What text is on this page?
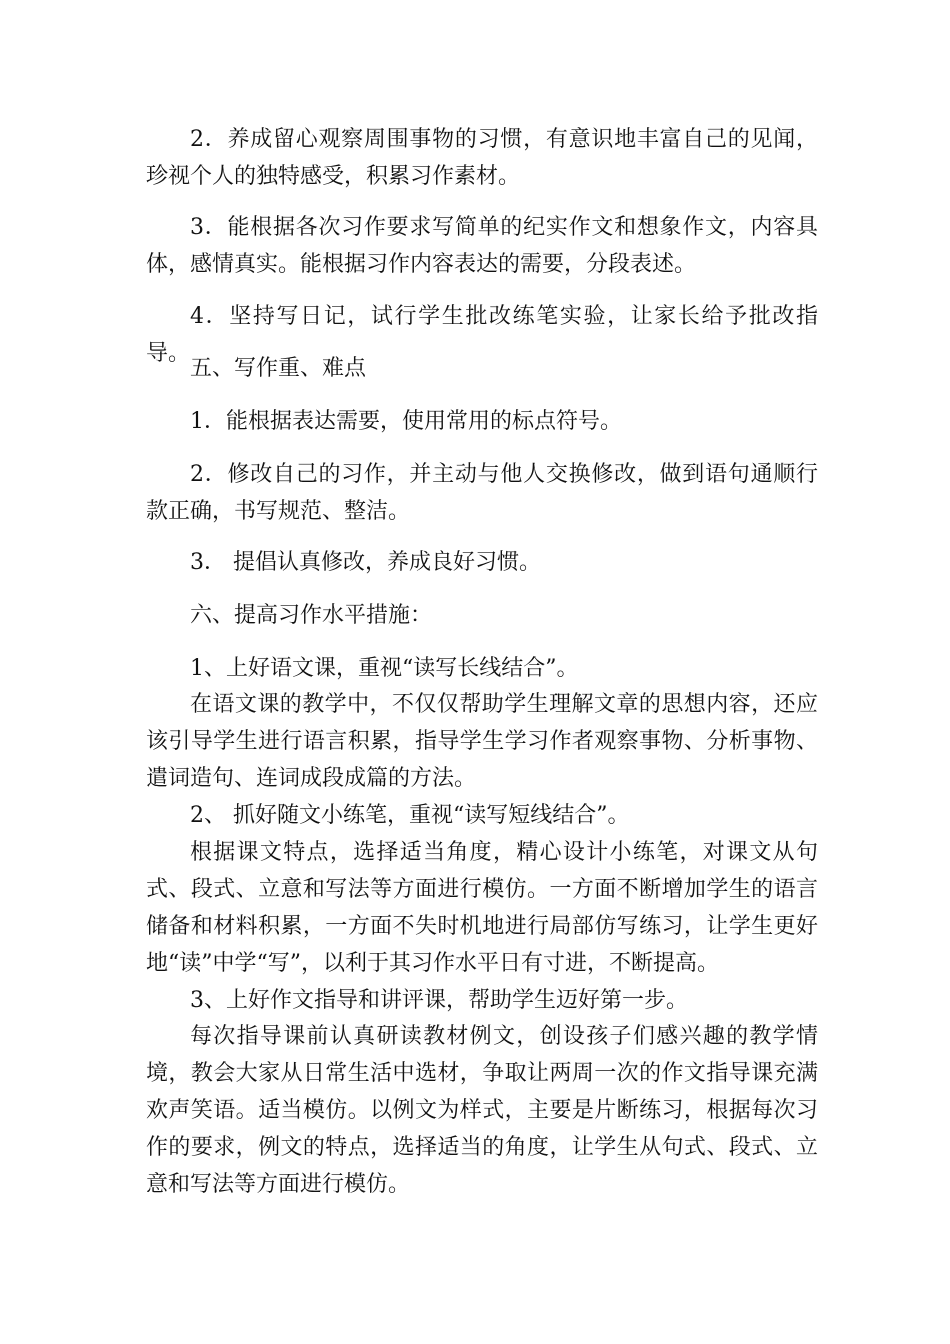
2．养成留心观察周围事物的习惯，有意识地丰富自己的见闻，珍视个人的独特感受，积累习作素材。

3．能根据各次习作要求写简单的纪实作文和想象作文，内容具体，感情真实。能根据习作内容表达的需要，分段表述。

4．坚持写日记，试行学生批改练笔实验，让家长给予批改指导。

五、写作重、难点

1．能根据表达需要，使用常用的标点符号。

2．修改自己的习作，并主动与他人交换修改，做到语句通顺行款正确，书写规范、整洁。

3． 提倡认真修改，养成良好习惯。

六、提高习作水平措施：

1、上好语文课，重视“读写长线结合”。

在语文课的教学中，不仅仅帮助学生理解文章的思想内容，还应该引导学生进行语言积累，指导学生学习作者观察事物、分析事物、遣词造句、连词成段成篇的方法。

2、 抓好随文小练笔，重视“读写短线结合”。

根据课文特点，选择适当角度，精心设计小练笔，对课文从句式、段式、立意和写法等方面进行模仿。一方面不断增加学生的语言储备和材料积累，一方面不失时机地进行局部仿写练习，让学生更好地“读”中学“写”，以利于其习作水平日有寸进，不断提高。

3、上好作文指导和讲评课，帮助学生迈好第一步。

每次指导课前认真研读教材例文，创设孩子们感兴趣的教学情境，教会大家从日常生活中选材，争取让两周一次的作文指导课充满欢声笑语。适当模仿。以例文为样式，主要是片断练习，根据每次习作的要求，例文的特点，选择适当的角度，让学生从句式、段式、立意和写法等方面进行模仿。
